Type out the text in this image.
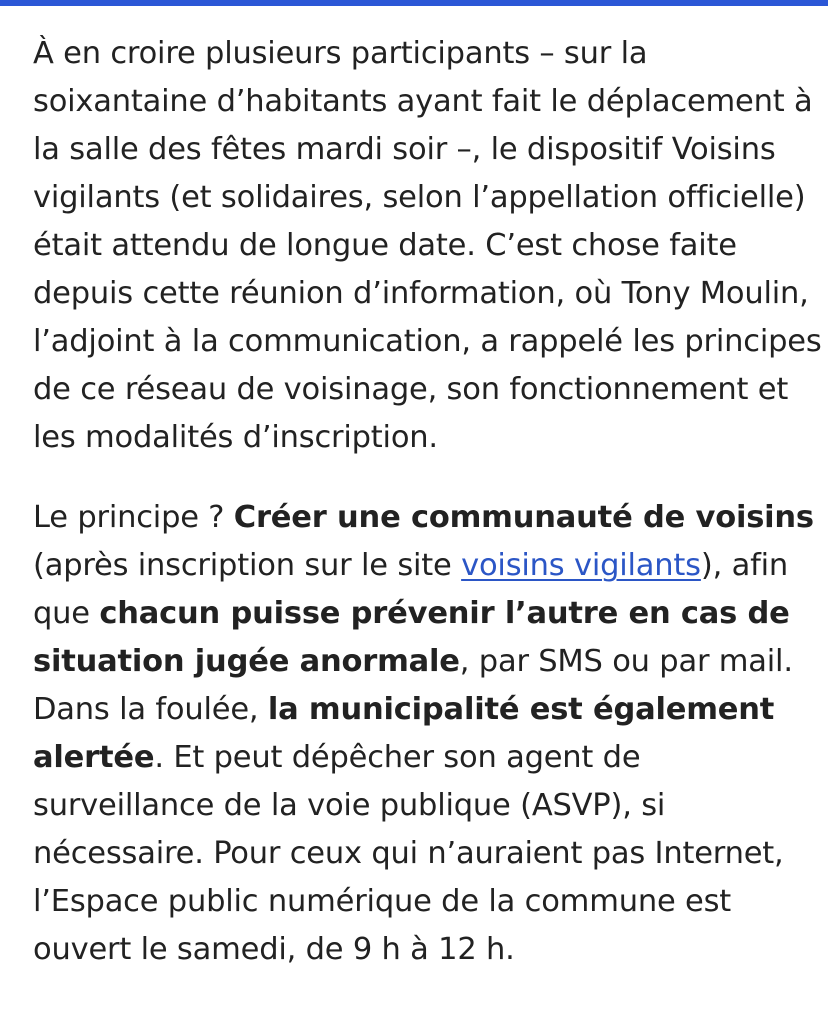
À en croire plusieurs participants – sur la soixantaine d’habitants ayant fait le déplacement à la salle des fêtes mardi soir –, le dispositif Voisins vigilants (et solidaires, selon l’appellation officielle) était attendu de longue date. C’est chose faite depuis cette réunion d’information, où Tony Moulin, l’adjoint à la communication, a rappelé les principes de ce réseau de voisinage, son fonctionnement et les modalités d’inscription.

Le principe ? Créer une communauté de voisins (après inscription sur le site voisins vigilants), afin que chacun puisse prévenir l’autre en cas de situation jugée anormale, par SMS ou par mail. Dans la foulée, la municipalité est également alertée. Et peut dépêcher son agent de surveillance de la voie publique (ASVP), si nécessaire. Pour ceux qui n’auraient pas Internet, l’Espace public numérique de la commune est ouvert le samedi, de 9 h à 12 h.
